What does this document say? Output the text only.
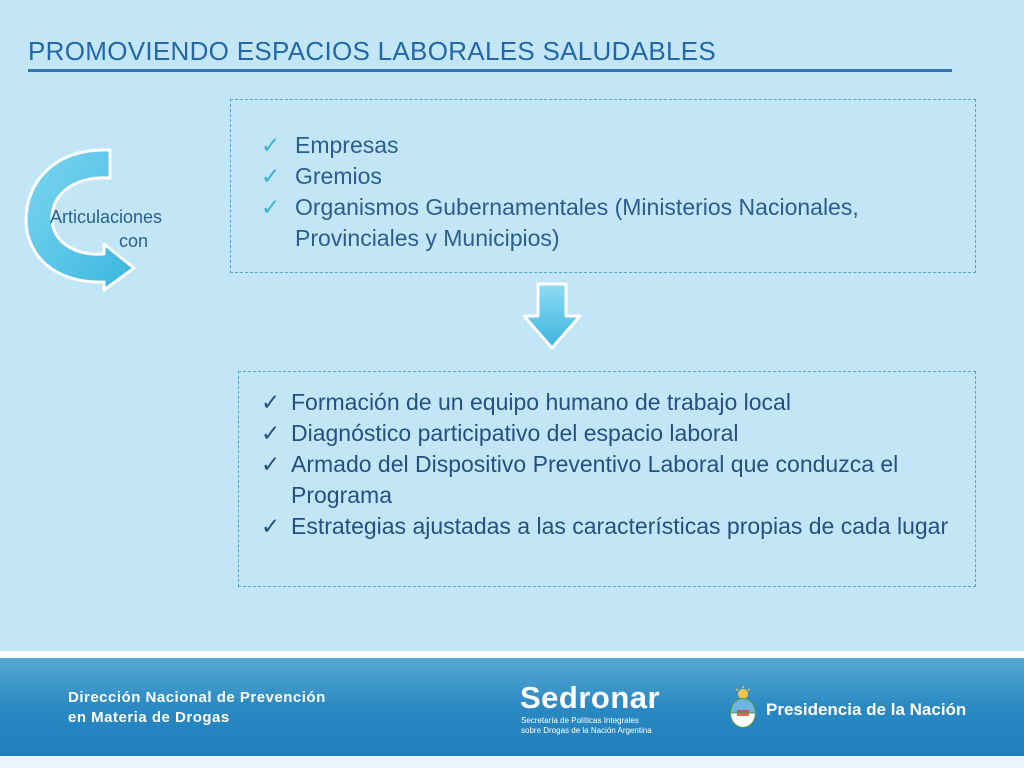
PROMOVIENDO ESPACIOS LABORALES SALUDABLES
Articulaciones
con
✓ Empresas
✓ Gremios
✓ Organismos Gubernamentales (Ministerios Nacionales, Provinciales y Municipios)
✓ Formación de un equipo humano de trabajo local
✓ Diagnóstico participativo del espacio laboral
✓ Armado del Dispositivo Preventivo Laboral que conduzca el Programa
✓ Estrategias ajustadas a las características propias de cada lugar
Dirección Nacional de Prevención
en Materia de Drogas
Sedronar
Secretaría de Políticas Integrales
sobre Drogas de la Nación Argentina
Presidencia de la Nación
